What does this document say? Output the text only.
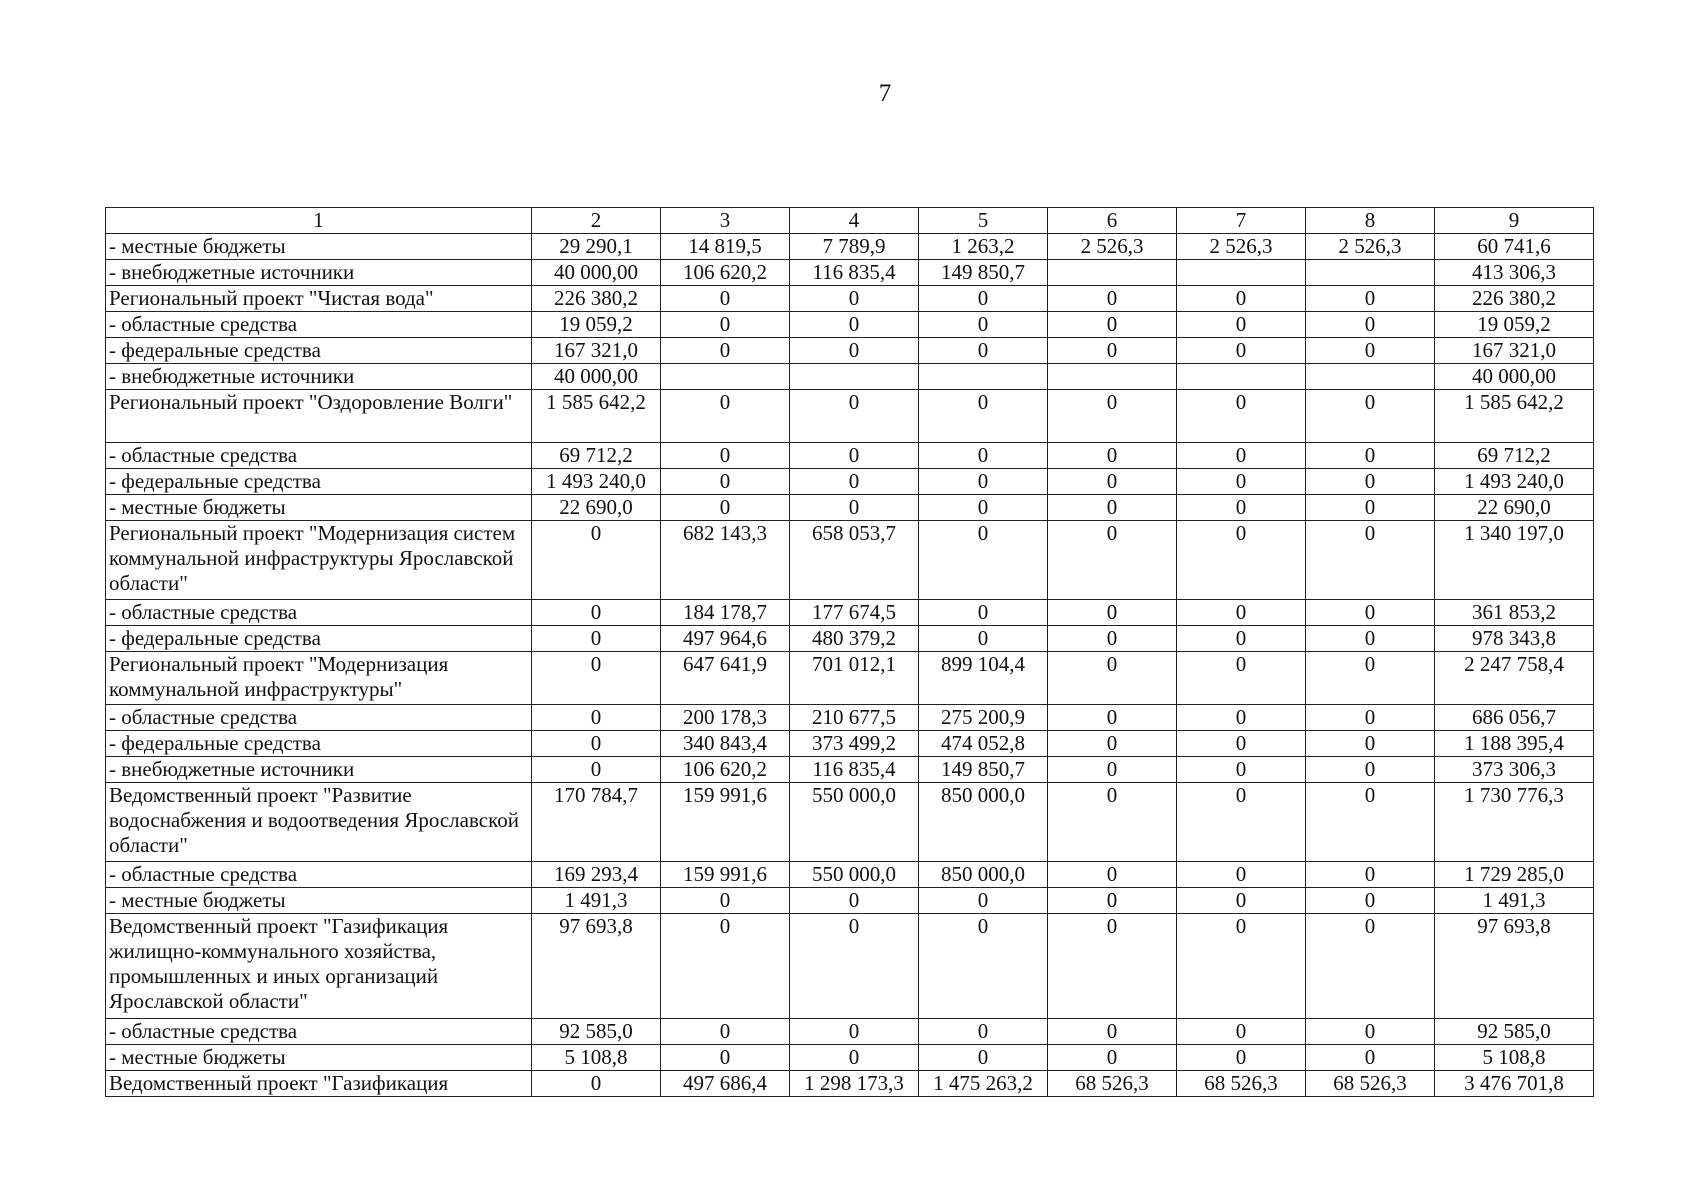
7
1	2	3	4	5	6	7	8	9
- местные бюджеты	29 290,1	14 819,5	7 789,9	1 263,2	2 526,3	2 526,3	2 526,3	60 741,6
- внебюджетные источники	40 000,00	106 620,2	116 835,4	149 850,7				413 306,3
Региональный проект "Чистая вода"	226 380,2	0	0	0	0	0	0	226 380,2
- областные средства	19 059,2	0	0	0	0	0	0	19 059,2
- федеральные средства	167 321,0	0	0	0	0	0	0	167 321,0
- внебюджетные источники	40 000,00							40 000,00
Региональный проект "Оздоровление Волги"	1 585 642,2	0	0	0	0	0	0	1 585 642,2
- областные средства	69 712,2	0	0	0	0	0	0	69 712,2
- федеральные средства	1 493 240,0	0	0	0	0	0	0	1 493 240,0
- местные бюджеты	22 690,0	0	0	0	0	0	0	22 690,0
Региональный проект "Модернизация систем коммунальной инфраструктуры Ярославской области"	0	682 143,3	658 053,7	0	0	0	0	1 340 197,0
- областные средства	0	184 178,7	177 674,5	0	0	0	0	361 853,2
- федеральные средства	0	497 964,6	480 379,2	0	0	0	0	978 343,8
Региональный проект "Модернизация коммунальной инфраструктуры"	0	647 641,9	701 012,1	899 104,4	0	0	0	2 247 758,4
- областные средства	0	200 178,3	210 677,5	275 200,9	0	0	0	686 056,7
- федеральные средства	0	340 843,4	373 499,2	474 052,8	0	0	0	1 188 395,4
- внебюджетные источники	0	106 620,2	116 835,4	149 850,7	0	0	0	373 306,3
Ведомственный проект "Развитие водоснабжения и водоотведения Ярославской области"	170 784,7	159 991,6	550 000,0	850 000,0	0	0	0	1 730 776,3
- областные средства	169 293,4	159 991,6	550 000,0	850 000,0	0	0	0	1 729 285,0
- местные бюджеты	1 491,3	0	0	0	0	0	0	1 491,3
Ведомственный проект "Газификация жилищно-коммунального хозяйства, промышленных и иных организаций Ярославской области"	97 693,8	0	0	0	0	0	0	97 693,8
- областные средства	92 585,0	0	0	0	0	0	0	92 585,0
- местные бюджеты	5 108,8	0	0	0	0	0	0	5 108,8
Ведомственный проект "Газификация	0	497 686,4	1 298 173,3	1 475 263,2	68 526,3	68 526,3	68 526,3	3 476 701,8
